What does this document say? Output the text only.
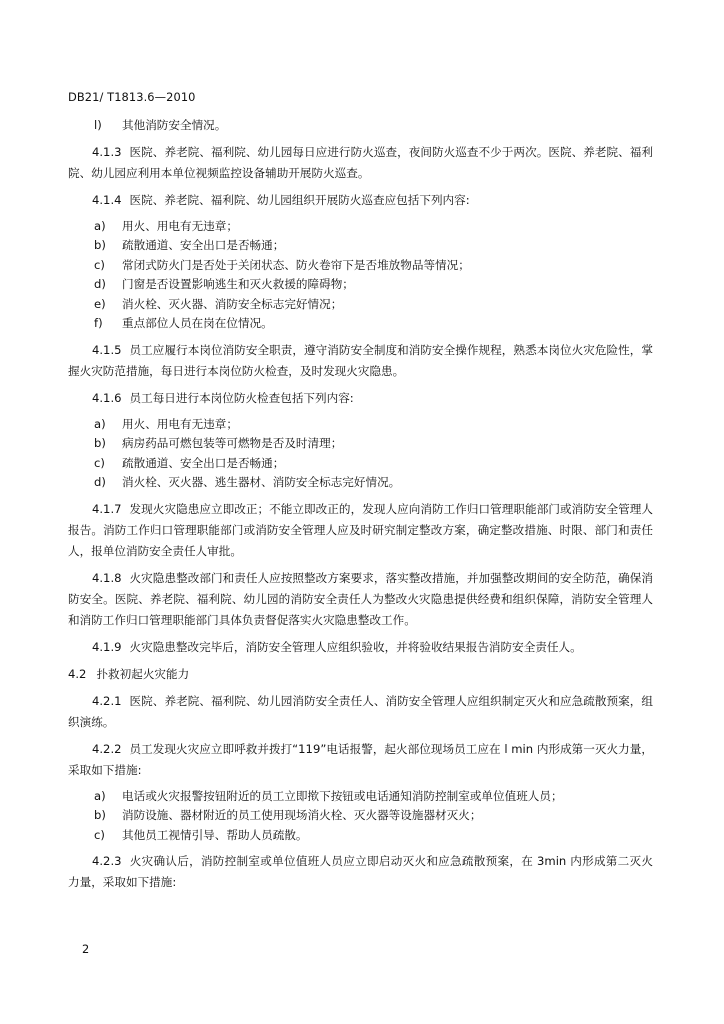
DB21/ T1813.6—2010
l)	其他消防安全情况。

4.1.3 医院、养老院、福利院、幼儿园每日应进行防火巡查，夜间防火巡查不少于两次。医院、养老院、福利院、幼儿园应利用本单位视频监控设备辅助开展防火巡查。

4.1.4 医院、养老院、福利院、幼儿园组织开展防火巡查应包括下列内容:

a)	用火、用电有无违章；
b)	疏散通道、安全出口是否畅通；
c)	常闭式防火门是否处于关闭状态、防火卷帘下是否堆放物品等情况；
d)	门窗是否设置影响逃生和灭火救援的障碍物；
e)	消火栓、灭火器、消防安全标志完好情况；
f)	重点部位人员在岗在位情况。

4.1.5 员工应履行本岗位消防安全职责，遵守消防安全制度和消防安全操作规程，熟悉本岗位火灾危险性，掌握火灾防范措施，每日进行本岗位防火检查，及时发现火灾隐患。

4.1.6 员工每日进行本岗位防火检查包括下列内容:

a)	用火、用电有无违章；
b)	病房药品可燃包装等可燃物是否及时清理；
c)	疏散通道、安全出口是否畅通；
d)	消火栓、灭火器、逃生器材、消防安全标志完好情况。

4.1.7 发现火灾隐患应立即改正；不能立即改正的，发现人应向消防工作归口管理职能部门或消防安全管理人报告。消防工作归口管理职能部门或消防安全管理人应及时研究制定整改方案，确定整改措施、时限、部门和责任人，报单位消防安全责任人审批。

4.1.8 火灾隐患整改部门和责任人应按照整改方案要求，落实整改措施，并加强整改期间的安全防范，确保消防安全。医院、养老院、福利院、幼儿园的消防安全责任人为整改火灾隐患提供经费和组织保障，消防安全管理人和消防工作归口管理职能部门具体负责督促落实火灾隐患整改工作。

4.1.9 火灾隐患整改完毕后，消防安全管理人应组织验收，并将验收结果报告消防安全责任人。

4.2 扑救初起火灾能力

4.2.1 医院、养老院、福利院、幼儿园消防安全责任人、消防安全管理人应组织制定灭火和应急疏散预案，组织演练。

4.2.2 员工发现火灾应立即呼救并拨打“119”电话报警，起火部位现场员工应在 l min 内形成第一灭火力量，采取如下措施:

a)	电话或火灾报警按钮附近的员工立即揿下按钮或电话通知消防控制室或单位值班人员；
b)	消防设施、器材附近的员工使用现场消火栓、灭火器等设施器材灭火；
c)	其他员工视情引导、帮助人员疏散。

4.2.3 火灾确认后，消防控制室或单位值班人员应立即启动灭火和应急疏散预案，在 3min 内形成第二灭火力量，采取如下措施:

2
